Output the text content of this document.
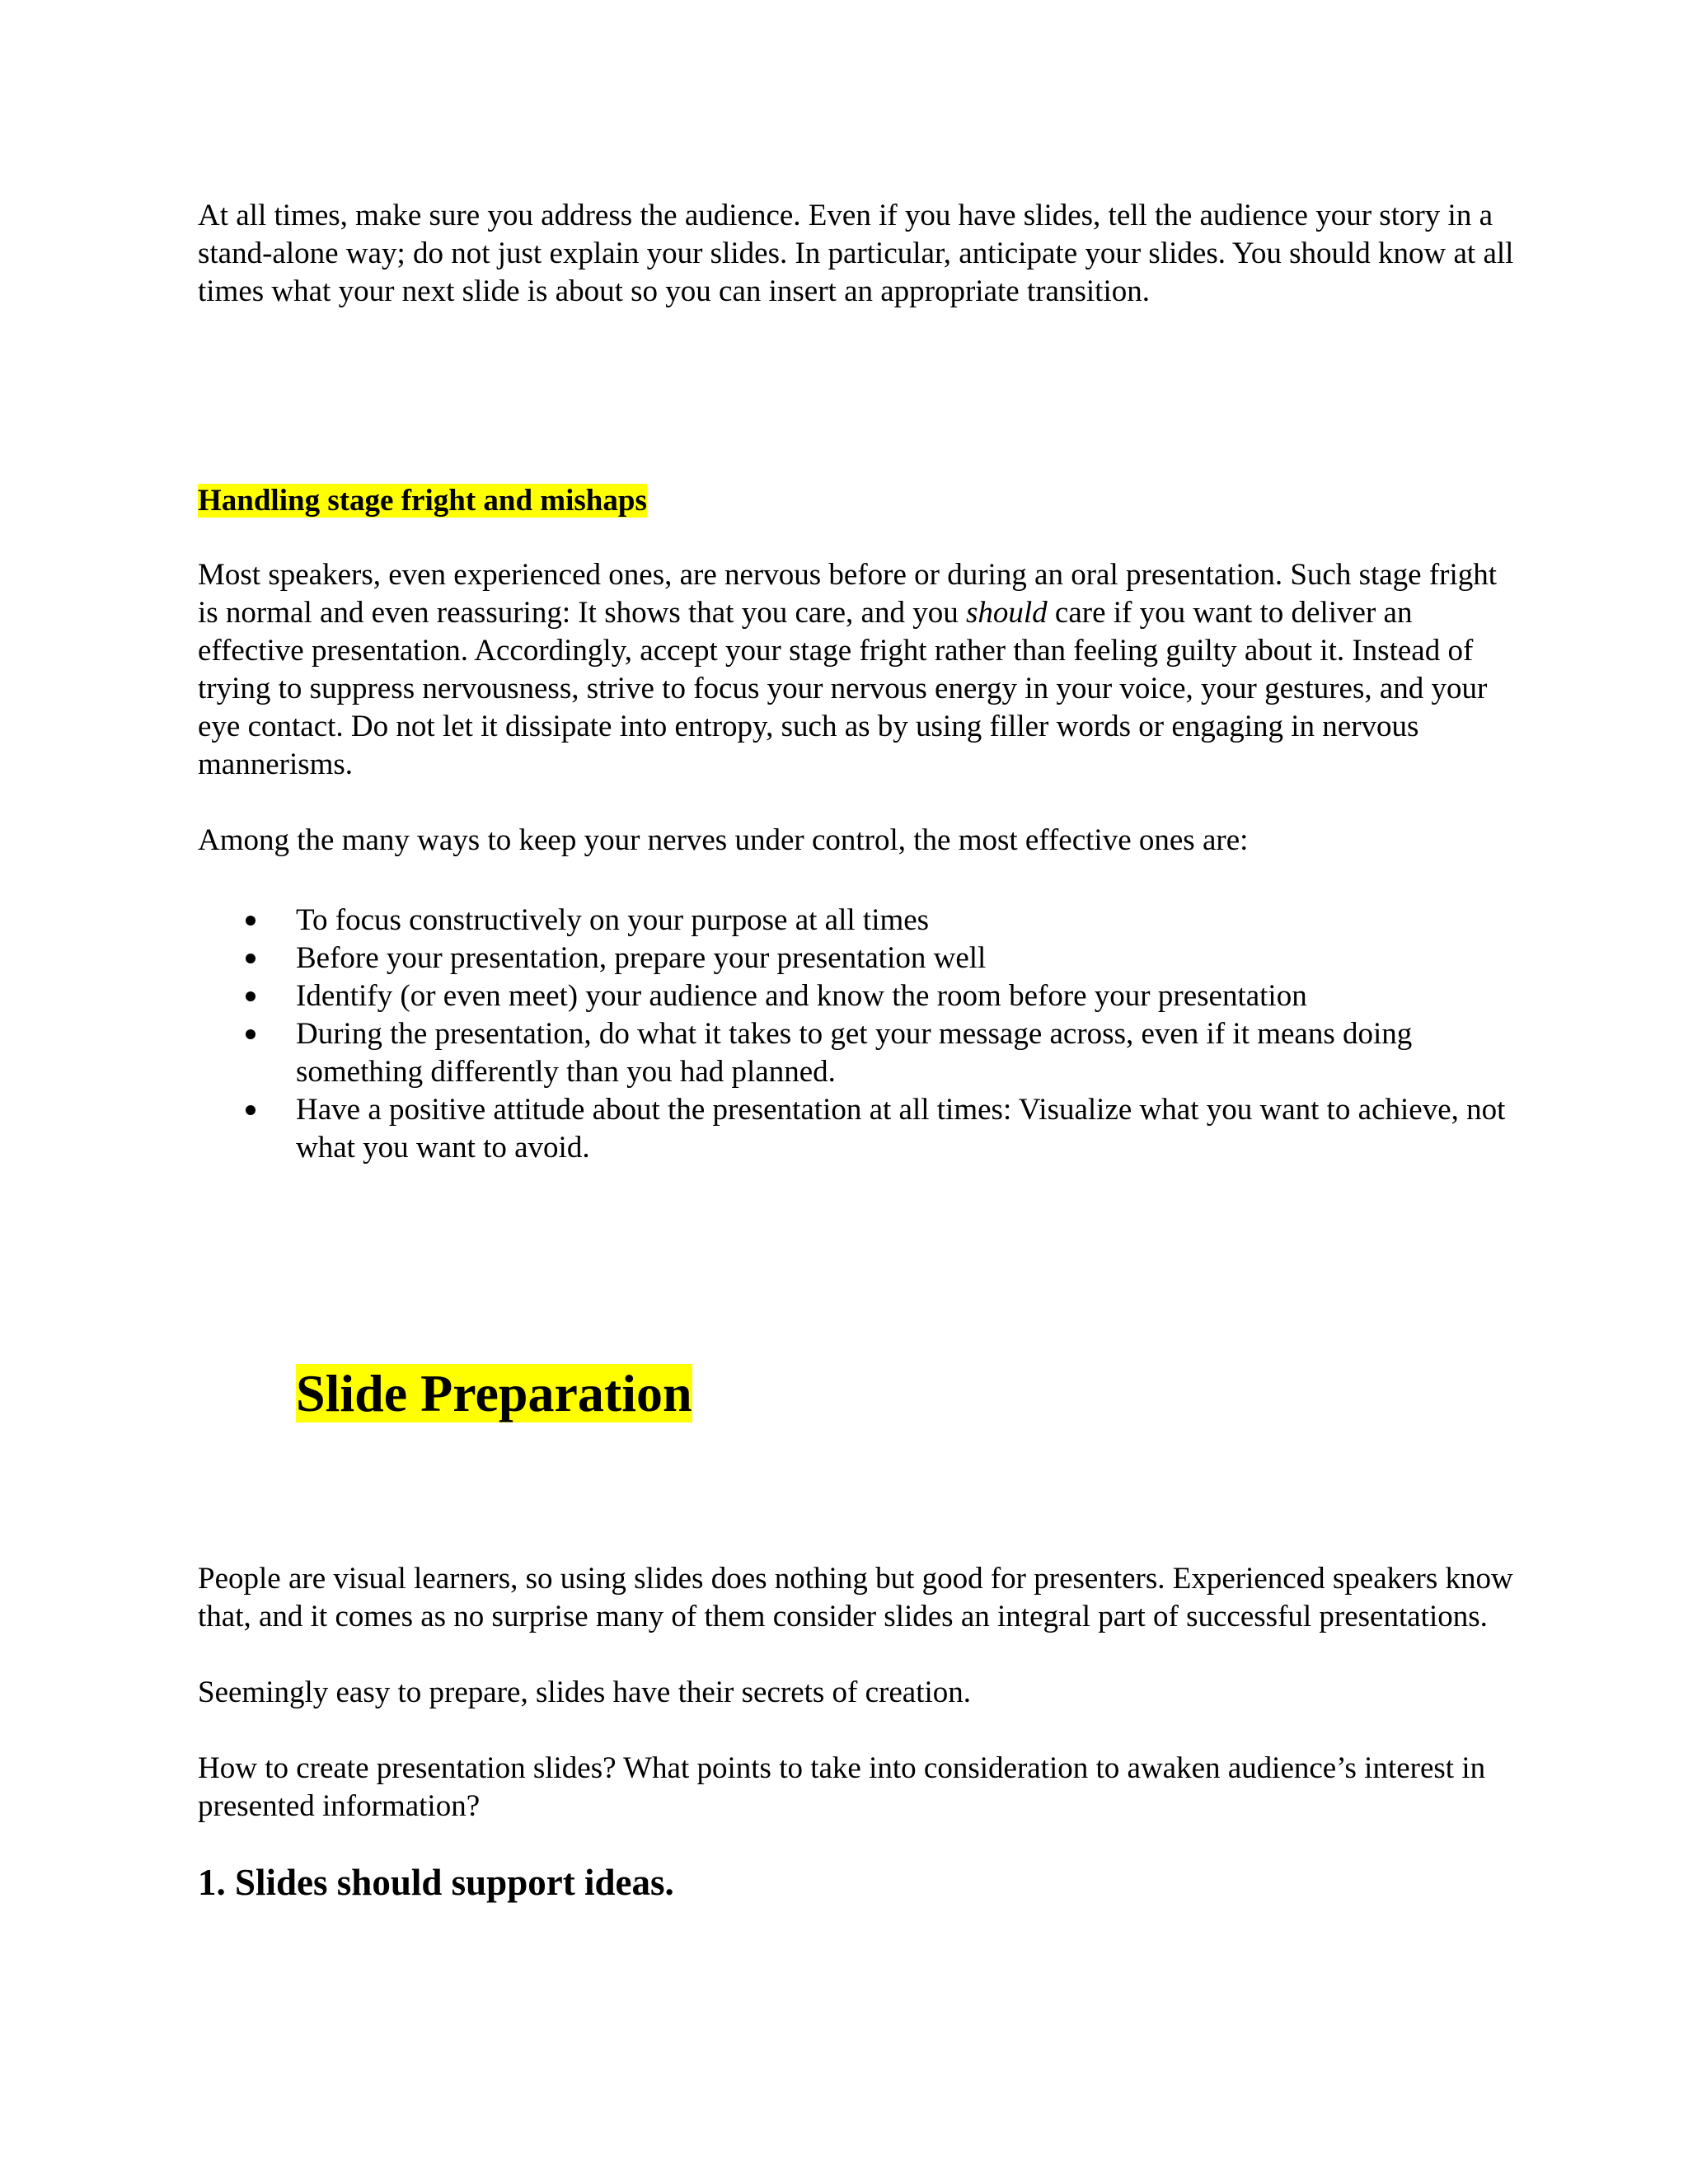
At all times, make sure you address the audience. Even if you have slides, tell the audience your story in a stand-alone way; do not just explain your slides. In particular, anticipate your slides. You should know at all times what your next slide is about so you can insert an appropriate transition.

Handling stage fright and mishaps

Most speakers, even experienced ones, are nervous before or during an oral presentation. Such stage fright is normal and even reassuring: It shows that you care, and you should care if you want to deliver an effective presentation. Accordingly, accept your stage fright rather than feeling guilty about it. Instead of trying to suppress nervousness, strive to focus your nervous energy in your voice, your gestures, and your eye contact. Do not let it dissipate into entropy, such as by using filler words or engaging in nervous mannerisms.

Among the many ways to keep your nerves under control, the most effective ones are:

To focus constructively on your purpose at all times
Before your presentation, prepare your presentation well
Identify (or even meet) your audience and know the room before your presentation
During the presentation, do what it takes to get your message across, even if it means doing something differently than you had planned.
Have a positive attitude about the presentation at all times: Visualize what you want to achieve, not what you want to avoid.

Slide Preparation

People are visual learners, so using slides does nothing but good for presenters. Experienced speakers know that, and it comes as no surprise many of them consider slides an integral part of successful presentations.

Seemingly easy to prepare, slides have their secrets of creation.

How to create presentation slides? What points to take into consideration to awaken audience’s interest in presented information?

1. Slides should support ideas.
